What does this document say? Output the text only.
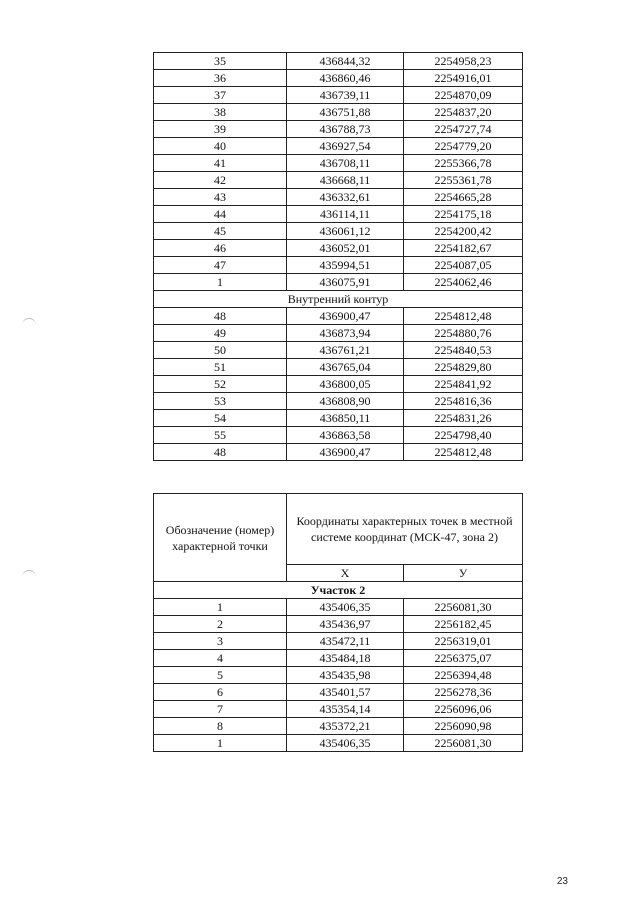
35	436844,32	2254958,23
36	436860,46	2254916,01
37	436739,11	2254870,09
38	436751,88	2254837,20
39	436788,73	2254727,74
40	436927,54	2254779,20
41	436708,11	2255366,78
42	436668,11	2255361,78
43	436332,61	2254665,28
44	436114,11	2254175,18
45	436061,12	2254200,42
46	436052,01	2254182,67
47	435994,51	2254087,05
1	436075,91	2254062,46
Внутренний контур		
48	436900,47	2254812,48
49	436873,94	2254880,76
50	436761,21	2254840,53
51	436765,04	2254829,80
52	436800,05	2254841,92
53	436808,90	2254816,36
54	436850,11	2254831,26
55	436863,58	2254798,40
48	436900,47	2254812,48
Обозначение (номер) характерной точки	Координаты характерных точек в местной системе координат (МСК-47, зона 2)	
	X	У
Участок 2		
1	435406,35	2256081,30
2	435436,97	2256182,45
3	435472,11	2256319,01
4	435484,18	2256375,07
5	435435,98	2256394,48
6	435401,57	2256278,36
7	435354,14	2256096,06
8	435372,21	2256090,98
1	435406,35	2256081,30
23
